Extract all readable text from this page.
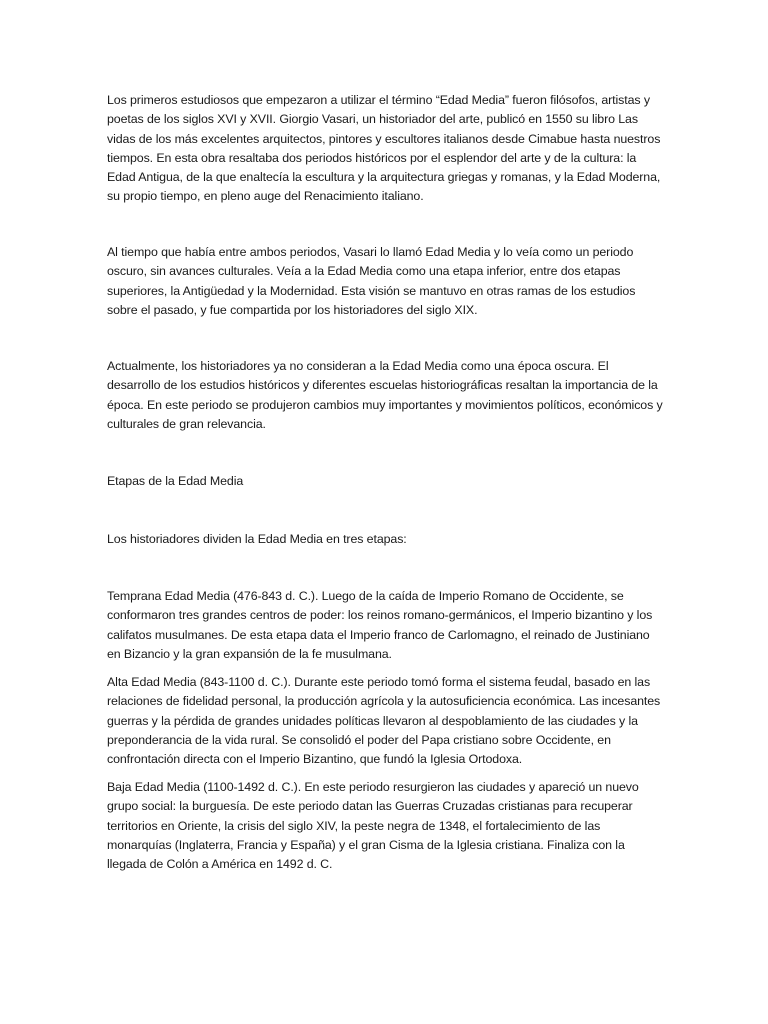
Los primeros estudiosos que empezaron a utilizar el término “Edad Media” fueron filósofos, artistas y poetas de los siglos XVI y XVII. Giorgio Vasari, un historiador del arte, publicó en 1550 su libro Las vidas de los más excelentes arquitectos, pintores y escultores italianos desde Cimabue hasta nuestros tiempos. En esta obra resaltaba dos periodos históricos por el esplendor del arte y de la cultura: la Edad Antigua, de la que enaltecía la escultura y la arquitectura griegas y romanas, y la Edad Moderna, su propio tiempo, en pleno auge del Renacimiento italiano.

Al tiempo que había entre ambos periodos, Vasari lo llamó Edad Media y lo veía como un periodo oscuro, sin avances culturales. Veía a la Edad Media como una etapa inferior, entre dos etapas superiores, la Antigüedad y la Modernidad. Esta visión se mantuvo en otras ramas de los estudios sobre el pasado, y fue compartida por los historiadores del siglo XIX.

Actualmente, los historiadores ya no consideran a la Edad Media como una época oscura. El desarrollo de los estudios históricos y diferentes escuelas historiográficas resaltan la importancia de la época. En este periodo se produjeron cambios muy importantes y movimientos políticos, económicos y culturales de gran relevancia.

Etapas de la Edad Media

Los historiadores dividen la Edad Media en tres etapas:

Temprana Edad Media (476-843 d. C.). Luego de la caída de Imperio Romano de Occidente, se conformaron tres grandes centros de poder: los reinos romano-germánicos, el Imperio bizantino y los califatos musulmanes. De esta etapa data el Imperio franco de Carlomagno, el reinado de Justiniano en Bizancio y la gran expansión de la fe musulmana.

Alta Edad Media (843-1100 d. C.). Durante este periodo tomó forma el sistema feudal, basado en las relaciones de fidelidad personal, la producción agrícola y la autosuficiencia económica. Las incesantes guerras y la pérdida de grandes unidades políticas llevaron al despoblamiento de las ciudades y la preponderancia de la vida rural. Se consolidó el poder del Papa cristiano sobre Occidente, en confrontación directa con el Imperio Bizantino, que fundó la Iglesia Ortodoxa.

Baja Edad Media (1100-1492 d. C.). En este periodo resurgieron las ciudades y apareció un nuevo grupo social: la burguesía. De este periodo datan las Guerras Cruzadas cristianas para recuperar territorios en Oriente, la crisis del siglo XIV, la peste negra de 1348, el fortalecimiento de las monarquías (Inglaterra, Francia y España) y el gran Cisma de la Iglesia cristiana. Finaliza con la llegada de Colón a América en 1492 d. C.
